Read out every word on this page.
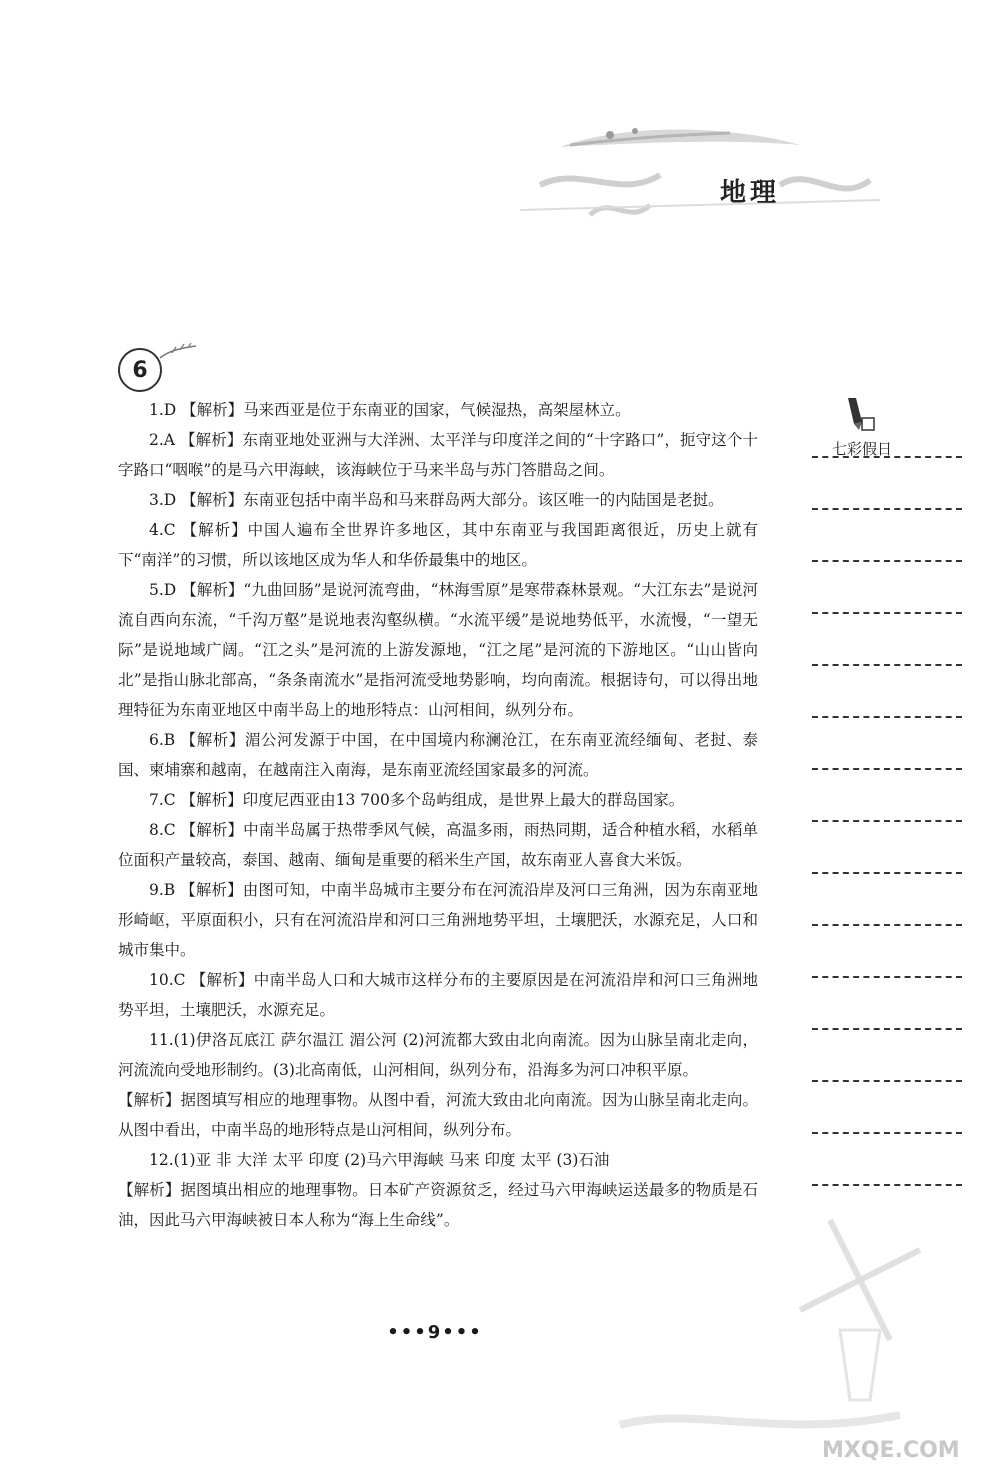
地理
6
七彩假日

1.D 【解析】马来西亚是位于东南亚的国家，气候湿热，高架屋林立。

2.A 【解析】东南亚地处亚洲与大洋洲、太平洋与印度洋之间的“十字路口”，扼守这个十字路口“咽喉”的是马六甲海峡，该海峡位于马来半岛与苏门答腊岛之间。

3.D 【解析】东南亚包括中南半岛和马来群岛两大部分。该区唯一的内陆国是老挝。

4.C 【解析】中国人遍布全世界许多地区，其中东南亚与我国距离很近，历史上就有下“南洋”的习惯，所以该地区成为华人和华侨最集中的地区。

5.D 【解析】“九曲回肠”是说河流弯曲，“林海雪原”是寒带森林景观。“大江东去”是说河流自西向东流，“千沟万壑”是说地表沟壑纵横。“水流平缓”是说地势低平，水流慢，“一望无际”是说地域广阔。“江之头”是河流的上游发源地，“江之尾”是河流的下游地区。“山山皆向北”是指山脉北部高，“条条南流水”是指河流受地势影响，均向南流。根据诗句，可以得出地理特征为东南亚地区中南半岛上的地形特点：山河相间，纵列分布。

6.B 【解析】湄公河发源于中国，在中国境内称澜沧江，在东南亚流经缅甸、老挝、泰国、柬埔寨和越南，在越南注入南海，是东南亚流经国家最多的河流。

7.C 【解析】印度尼西亚由13 700多个岛屿组成，是世界上最大的群岛国家。

8.C 【解析】中南半岛属于热带季风气候，高温多雨，雨热同期，适合种植水稻，水稻单位面积产量较高，泰国、越南、缅甸是重要的稻米生产国，故东南亚人喜食大米饭。

9.B 【解析】由图可知，中南半岛城市主要分布在河流沿岸及河口三角洲，因为东南亚地形崎岖，平原面积小，只有在河流沿岸和河口三角洲地势平坦，土壤肥沃，水源充足，人口和城市集中。

10.C 【解析】中南半岛人口和大城市这样分布的主要原因是在河流沿岸和河口三角洲地势平坦，土壤肥沃，水源充足。

11.(1)伊洛瓦底江 萨尔温江 湄公河 (2)河流都大致由北向南流。因为山脉呈南北走向，河流流向受地形制约。(3)北高南低，山河相间，纵列分布，沿海多为河口冲积平原。

【解析】据图填写相应的地理事物。从图中看，河流大致由北向南流。因为山脉呈南北走向。从图中看出，中南半岛的地形特点是山河相间，纵列分布。

12.(1)亚 非 大洋 太平 印度 (2)马六甲海峡 马来 印度 太平 (3)石油

【解析】据图填出相应的地理事物。日本矿产资源贫乏，经过马六甲海峡运送最多的物质是石油，因此马六甲海峡被日本人称为“海上生命线”。

•••9•••
MXQE.COM
